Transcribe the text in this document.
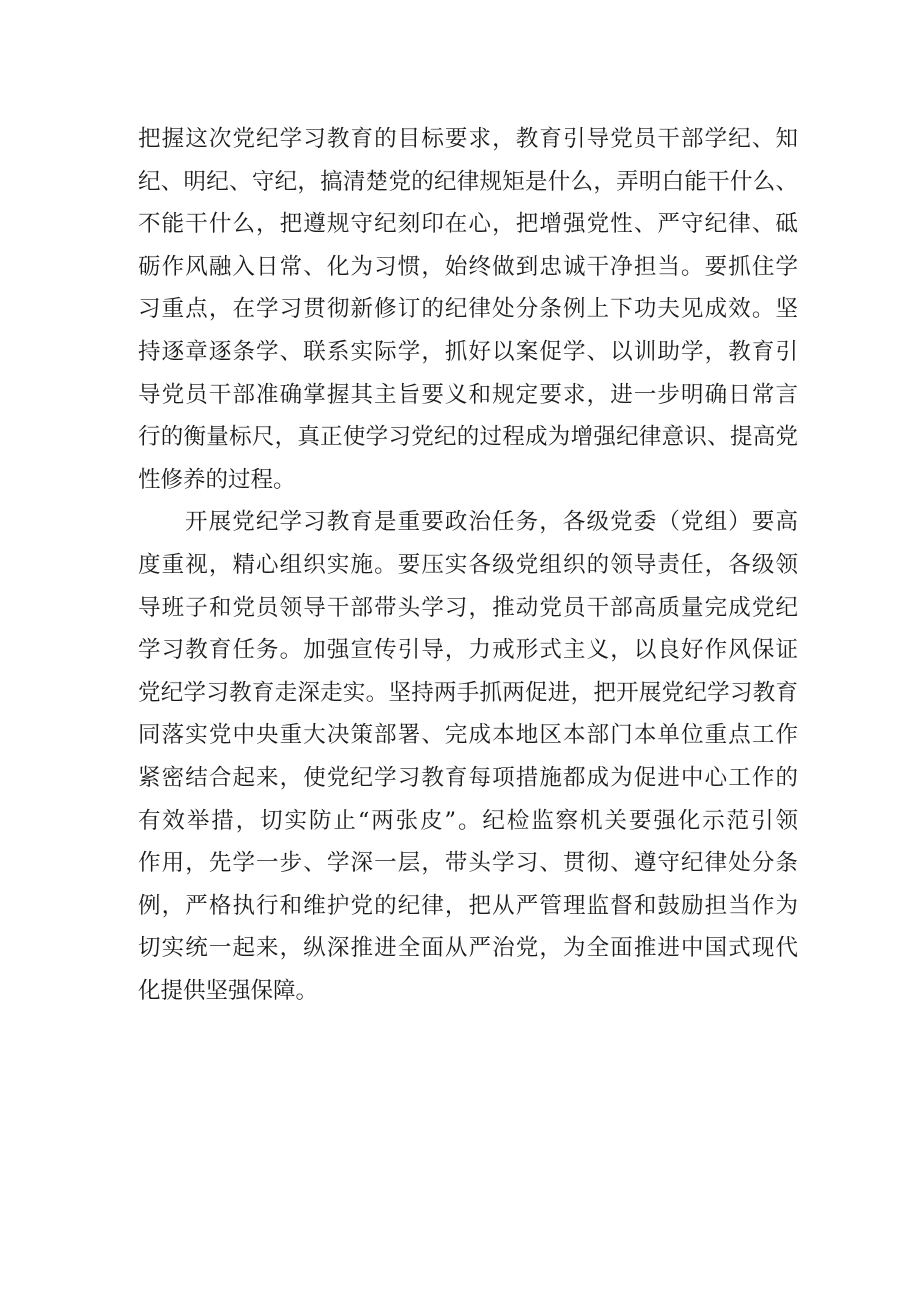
把握这次党纪学习教育的目标要求，教育引导党员干部学纪、知
纪、明纪、守纪，搞清楚党的纪律规矩是什么，弄明白能干什么、
不能干什么，把遵规守纪刻印在心，把增强党性、严守纪律、砥
砺作风融入日常、化为习惯，始终做到忠诚干净担当。要抓住学
习重点，在学习贯彻新修订的纪律处分条例上下功夫见成效。坚
持逐章逐条学、联系实际学，抓好以案促学、以训助学，教育引
导党员干部准确掌握其主旨要义和规定要求，进一步明确日常言
行的衡量标尺，真正使学习党纪的过程成为增强纪律意识、提高党
性修养的过程。
开展党纪学习教育是重要政治任务，各级党委（党组）要高
度重视，精心组织实施。要压实各级党组织的领导责任，各级领
导班子和党员领导干部带头学习，推动党员干部高质量完成党纪
学习教育任务。加强宣传引导，力戒形式主义，以良好作风保证
党纪学习教育走深走实。坚持两手抓两促进，把开展党纪学习教育
同落实党中央重大决策部署、完成本地区本部门本单位重点工作
紧密结合起来，使党纪学习教育每项措施都成为促进中心工作的
有效举措，切实防止“两张皮”。纪检监察机关要强化示范引领
作用，先学一步、学深一层，带头学习、贯彻、遵守纪律处分条
例，严格执行和维护党的纪律，把从严管理监督和鼓励担当作为
切实统一起来，纵深推进全面从严治党，为全面推进中国式现代
化提供坚强保障。
